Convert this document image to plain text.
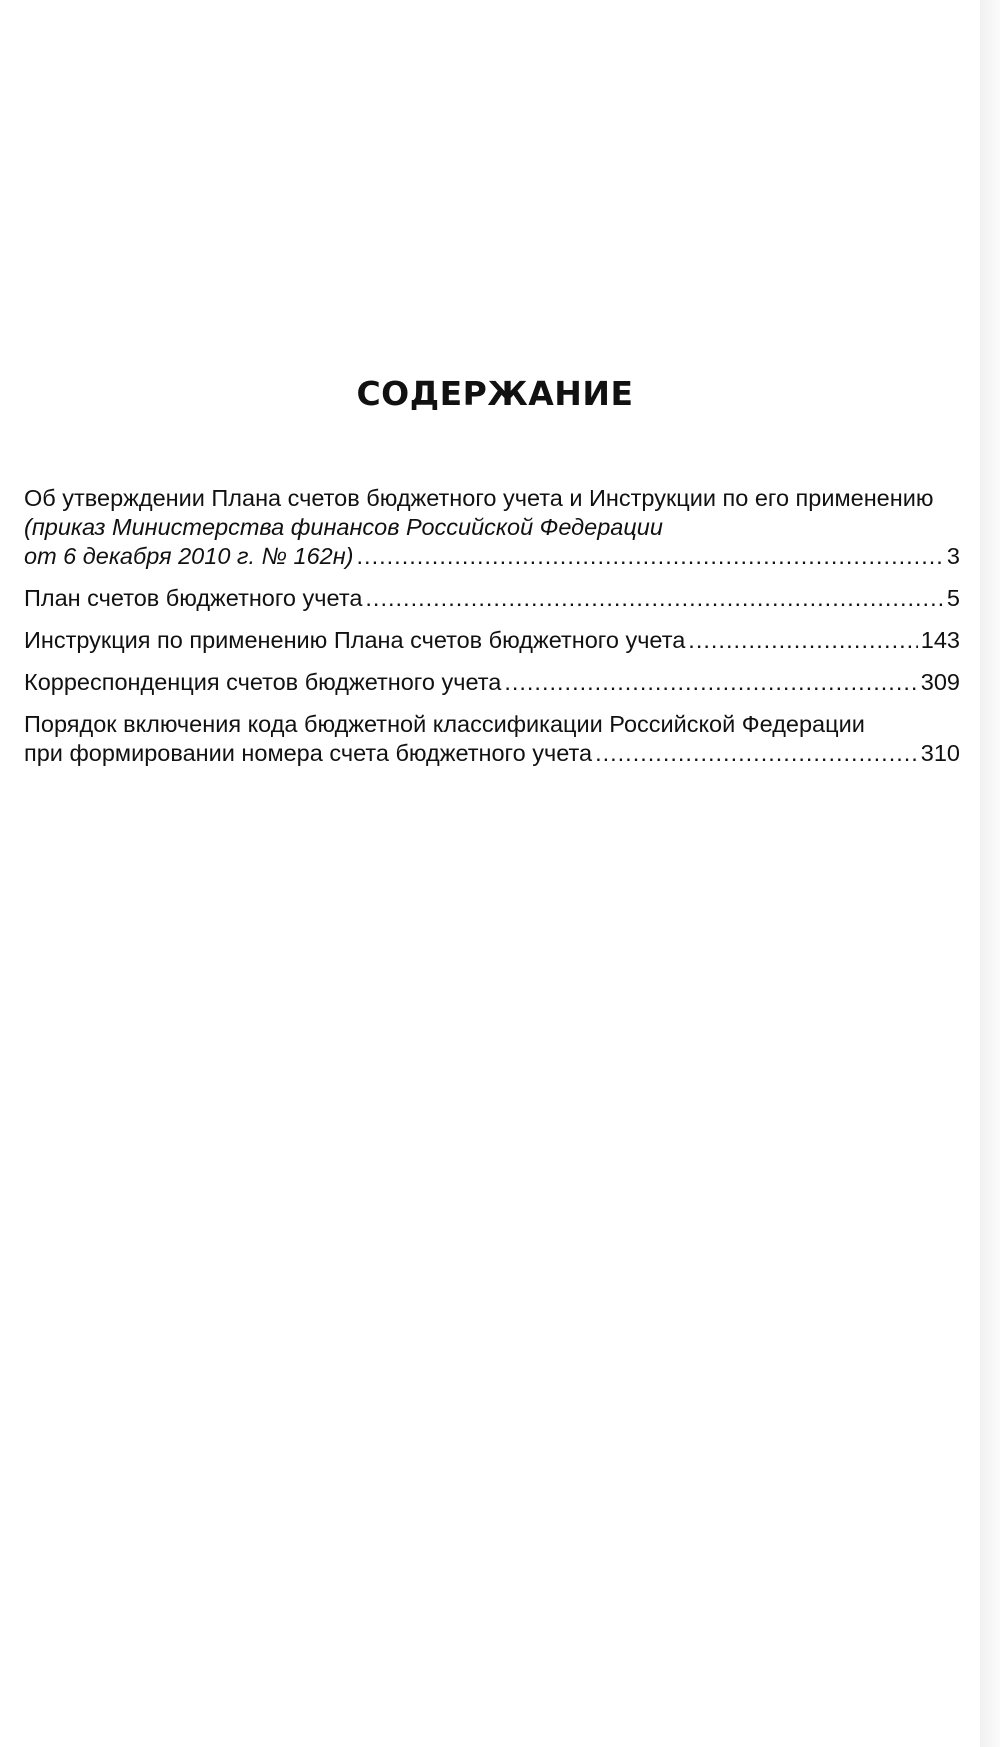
СОДЕРЖАНИЕ
Об утверждении Плана счетов бюджетного учета и Инструкции по его применению
(приказ Министерства финансов Российской Федерации
от 6 декабря 2010 г. № 162н) .....	3
План счетов бюджетного учета .....	5
Инструкция по применению Плана счетов бюджетного учета .....	143
Корреспонденция счетов бюджетного учета .....	309
Порядок включения кода бюджетной классификации Российской Федерации
при формировании номера счета бюджетного учета .....	310
